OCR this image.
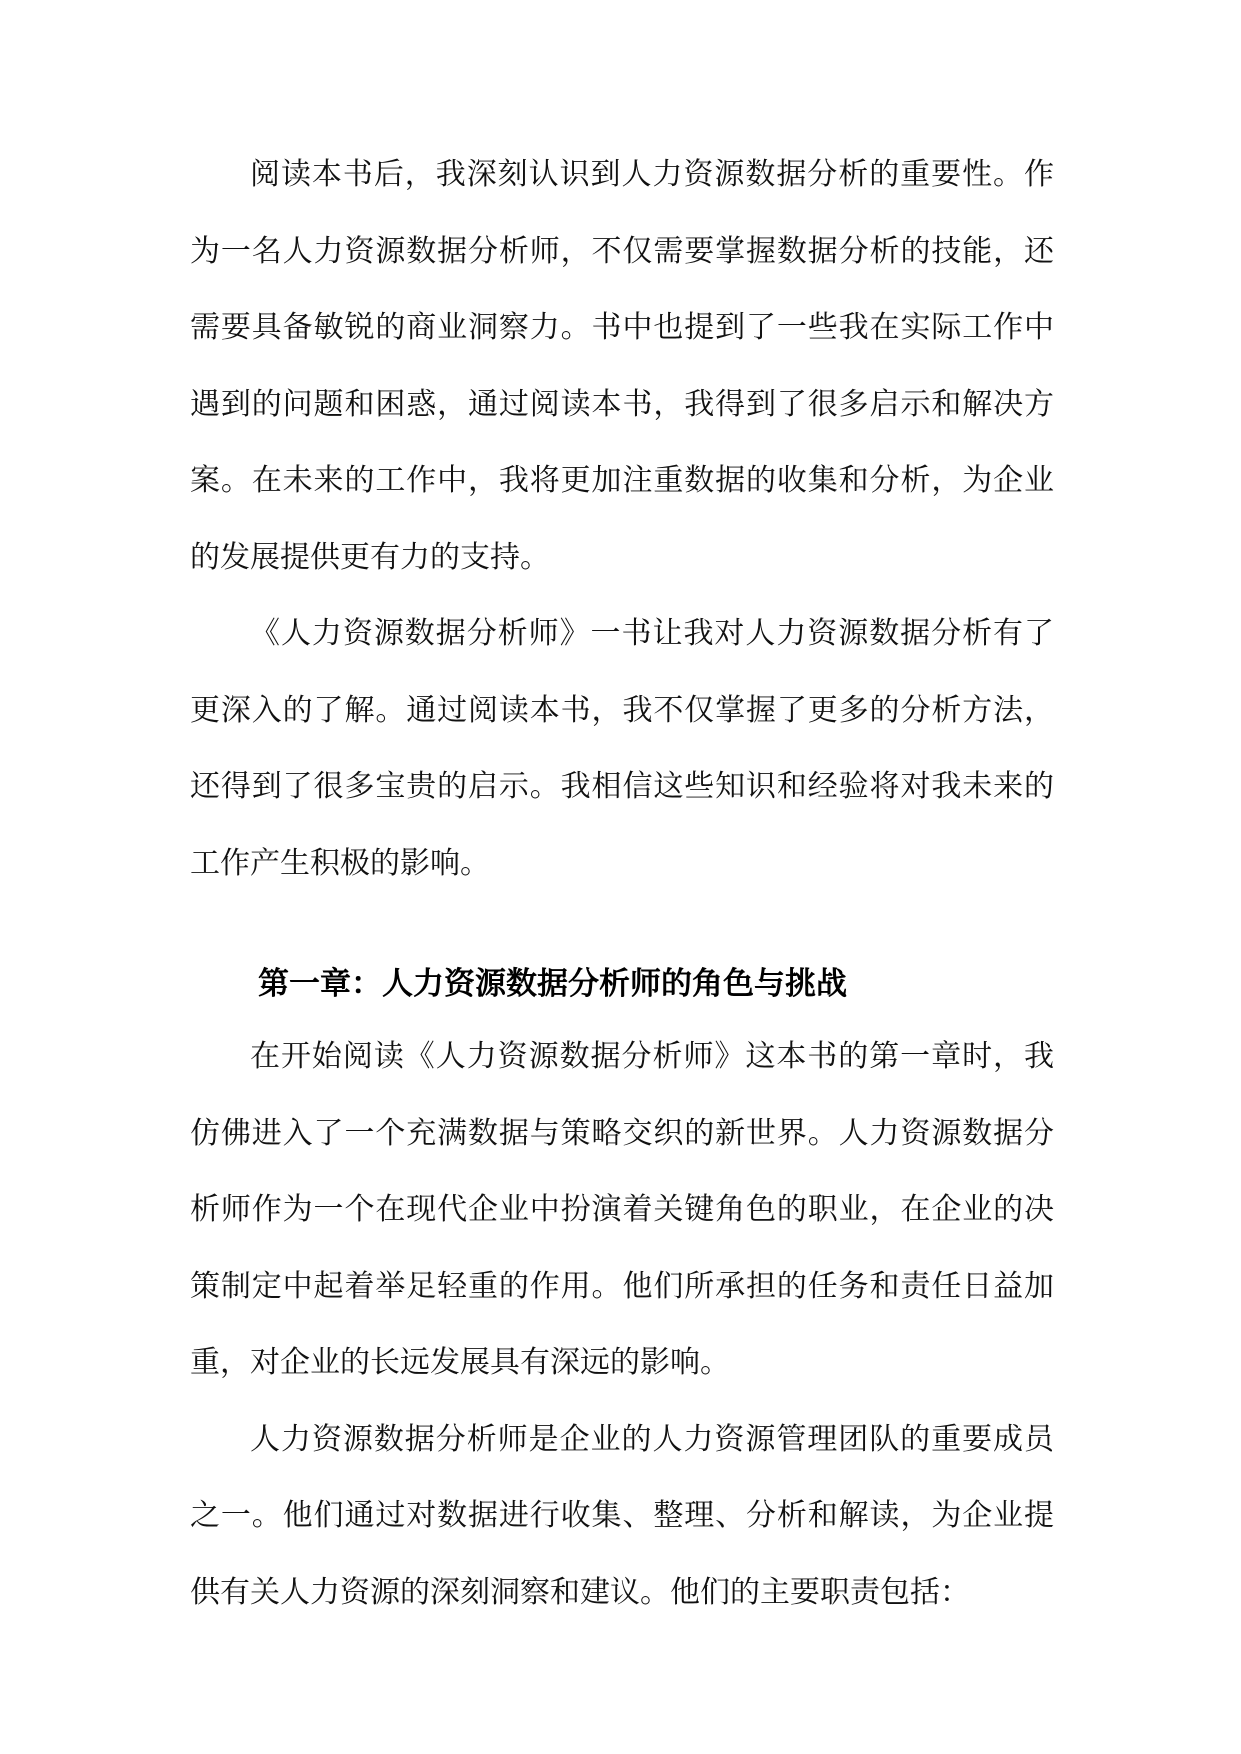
阅读本书后，我深刻认识到人力资源数据分析的重要性。作为一名人力资源数据分析师，不仅需要掌握数据分析的技能，还需要具备敏锐的商业洞察力。书中也提到了一些我在实际工作中遇到的问题和困惑，通过阅读本书，我得到了很多启示和解决方案。在未来的工作中，我将更加注重数据的收集和分析，为企业的发展提供更有力的支持。

《人力资源数据分析师》一书让我对人力资源数据分析有了更深入的了解。通过阅读本书，我不仅掌握了更多的分析方法，还得到了很多宝贵的启示。我相信这些知识和经验将对我未来的工作产生积极的影响。

第一章：人力资源数据分析师的角色与挑战

在开始阅读《人力资源数据分析师》这本书的第一章时，我仿佛进入了一个充满数据与策略交织的新世界。人力资源数据分析师作为一个在现代企业中扮演着关键角色的职业，在企业的决策制定中起着举足轻重的作用。他们所承担的任务和责任日益加重，对企业的长远发展具有深远的影响。

人力资源数据分析师是企业的人力资源管理团队的重要成员之一。他们通过对数据进行收集、整理、分析和解读，为企业提供有关人力资源的深刻洞察和建议。他们的主要职责包括：
